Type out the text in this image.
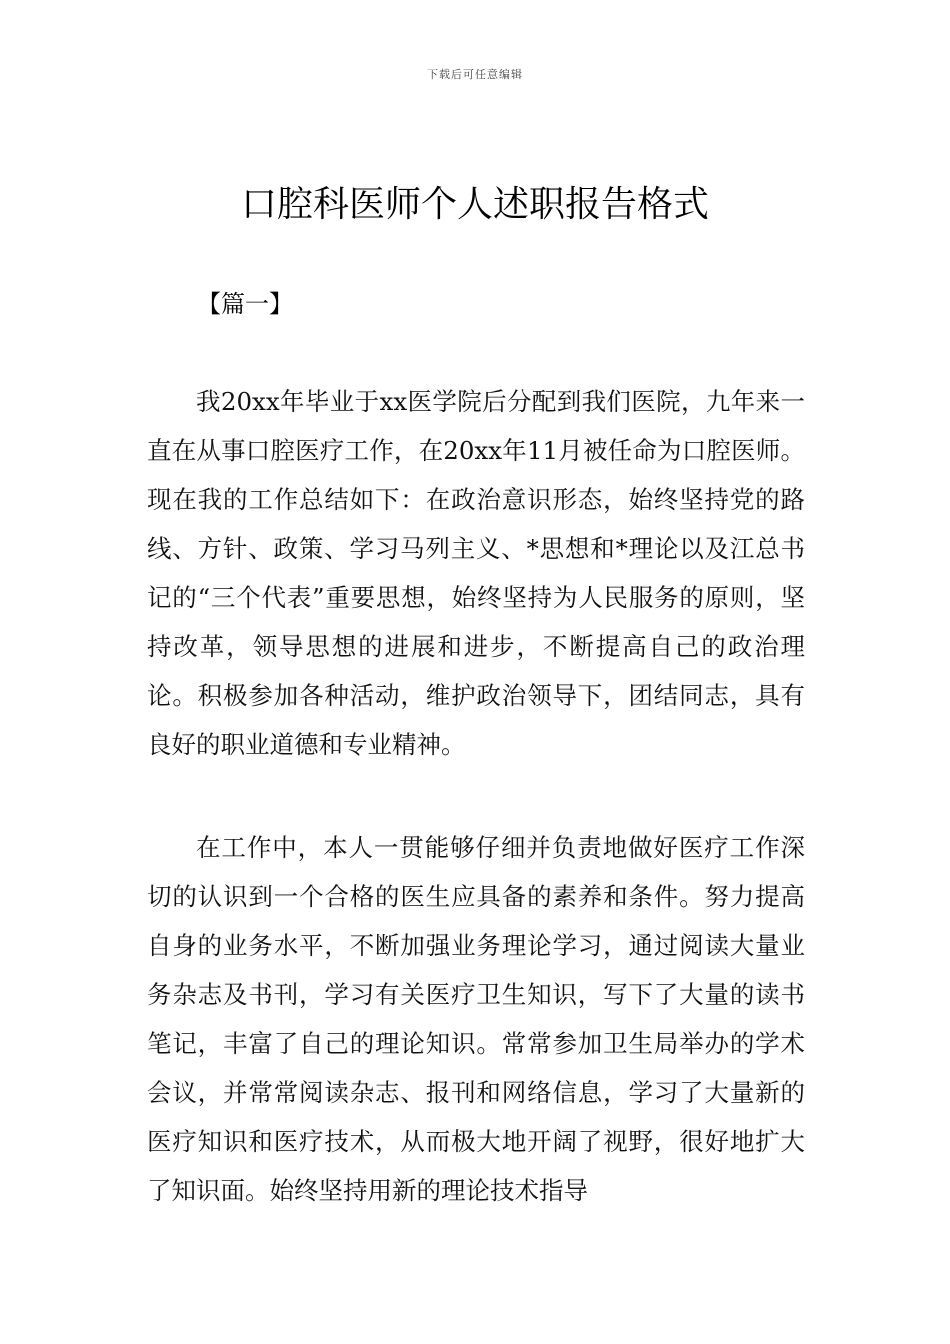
下载后可任意编辑
口腔科医师个人述职报告格式
【篇一】

我20xx年毕业于xx医学院后分配到我们医院，九年来一直在从事口腔医疗工作，在20xx年11月被任命为口腔医师。现在我的工作总结如下：在政治意识形态，始终坚持党的路线、方针、政策、学习马列主义、*思想和*理论以及江总书记的“三个代表”重要思想，始终坚持为人民服务的原则，坚持改革，领导思想的进展和进步，不断提高自己的政治理论。积极参加各种活动，维护政治领导下，团结同志，具有良好的职业道德和专业精神。

在工作中，本人一贯能够仔细并负责地做好医疗工作深切的认识到一个合格的医生应具备的素养和条件。努力提高自身的业务水平，不断加强业务理论学习，通过阅读大量业务杂志及书刊，学习有关医疗卫生知识，写下了大量的读书笔记，丰富了自己的理论知识。常常参加卫生局举办的学术会议，并常常阅读杂志、报刊和网络信息，学习了大量新的医疗知识和医疗技术，从而极大地开阔了视野，很好地扩大了知识面。始终坚持用新的理论技术指导
